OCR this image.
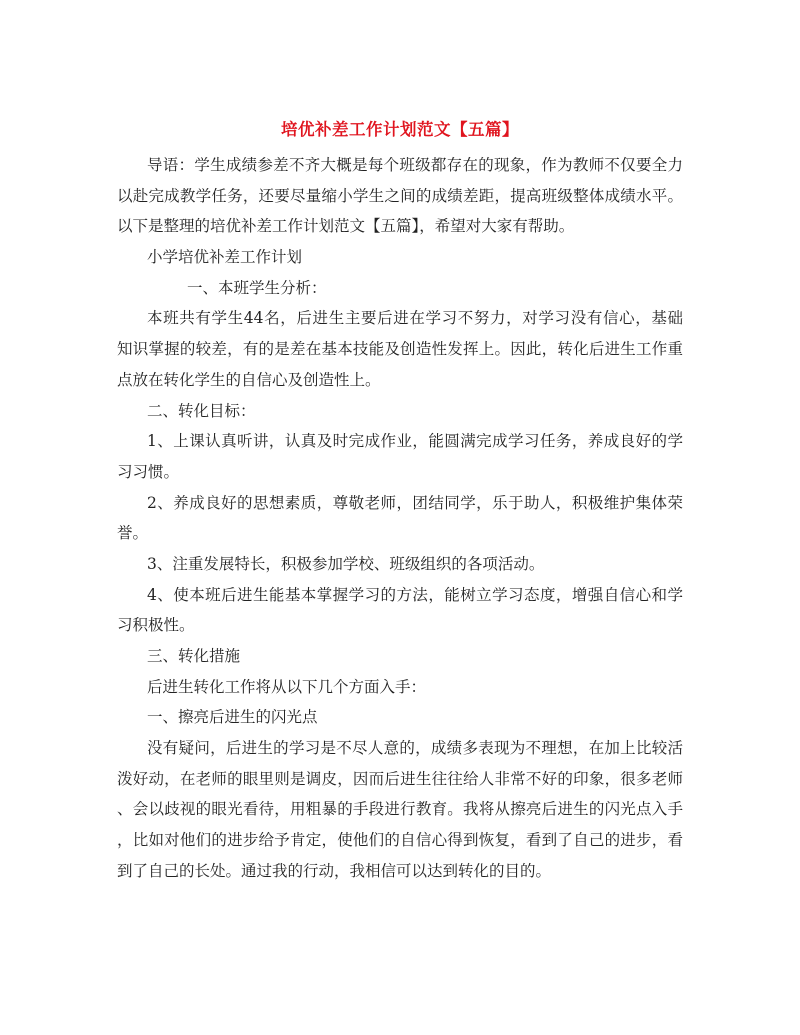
培优补差工作计划范文【五篇】
导语：学生成绩参差不齐大概是每个班级都存在的现象，作为教师不仅要全力
以赴完成教学任务，还要尽量缩小学生之间的成绩差距，提高班级整体成绩水平。
以下是整理的培优补差工作计划范文【五篇】，希望对大家有帮助。
小学培优补差工作计划
一、本班学生分析：
本班共有学生44名，后进生主要后进在学习不努力，对学习没有信心，基础
知识掌握的较差，有的是差在基本技能及创造性发挥上。因此，转化后进生工作重
点放在转化学生的自信心及创造性上。
二、转化目标：
1、上课认真听讲，认真及时完成作业，能圆满完成学习任务，养成良好的学
习习惯。
2、养成良好的思想素质，尊敬老师，团结同学，乐于助人，积极维护集体荣
誉。
3、注重发展特长，积极参加学校、班级组织的各项活动。
4、使本班后进生能基本掌握学习的方法，能树立学习态度，增强自信心和学
习积极性。
三、转化措施
后进生转化工作将从以下几个方面入手：
一、擦亮后进生的闪光点
没有疑问，后进生的学习是不尽人意的，成绩多表现为不理想，在加上比较活
泼好动，在老师的眼里则是调皮，因而后进生往往给人非常不好的印象，很多老师
、会以歧视的眼光看待，用粗暴的手段进行教育。我将从擦亮后进生的闪光点入手
，比如对他们的进步给予肯定，使他们的自信心得到恢复，看到了自己的进步，看
到了自己的长处。通过我的行动，我相信可以达到转化的目的。
